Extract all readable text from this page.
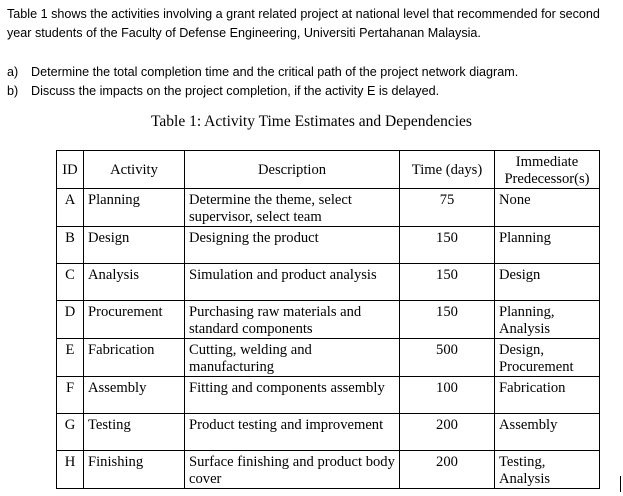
Table 1 shows the activities involving a grant related project at national level that recommended for second year students of the Faculty of Defense Engineering, Universiti Pertahanan Malaysia.
a)	Determine the total completion time and the critical path of the project network diagram.
b)	Discuss the impacts on the project completion, if the activity E is delayed.
Table 1: Activity Time Estimates and Dependencies
ID	Activity	Description	Time (days)	Immediate Predecessor(s)
A	Planning	Determine the theme, select supervisor, select team	75	None
B	Design	Designing the product	150	Planning
C	Analysis	Simulation and product analysis	150	Design
D	Procurement	Purchasing raw materials and standard components	150	Planning, Analysis
E	Fabrication	Cutting, welding and manufacturing	500	Design, Procurement
F	Assembly	Fitting and components assembly	100	Fabrication
G	Testing	Product testing and improvement	200	Assembly
H	Finishing	Surface finishing and product body cover	200	Testing, Analysis
